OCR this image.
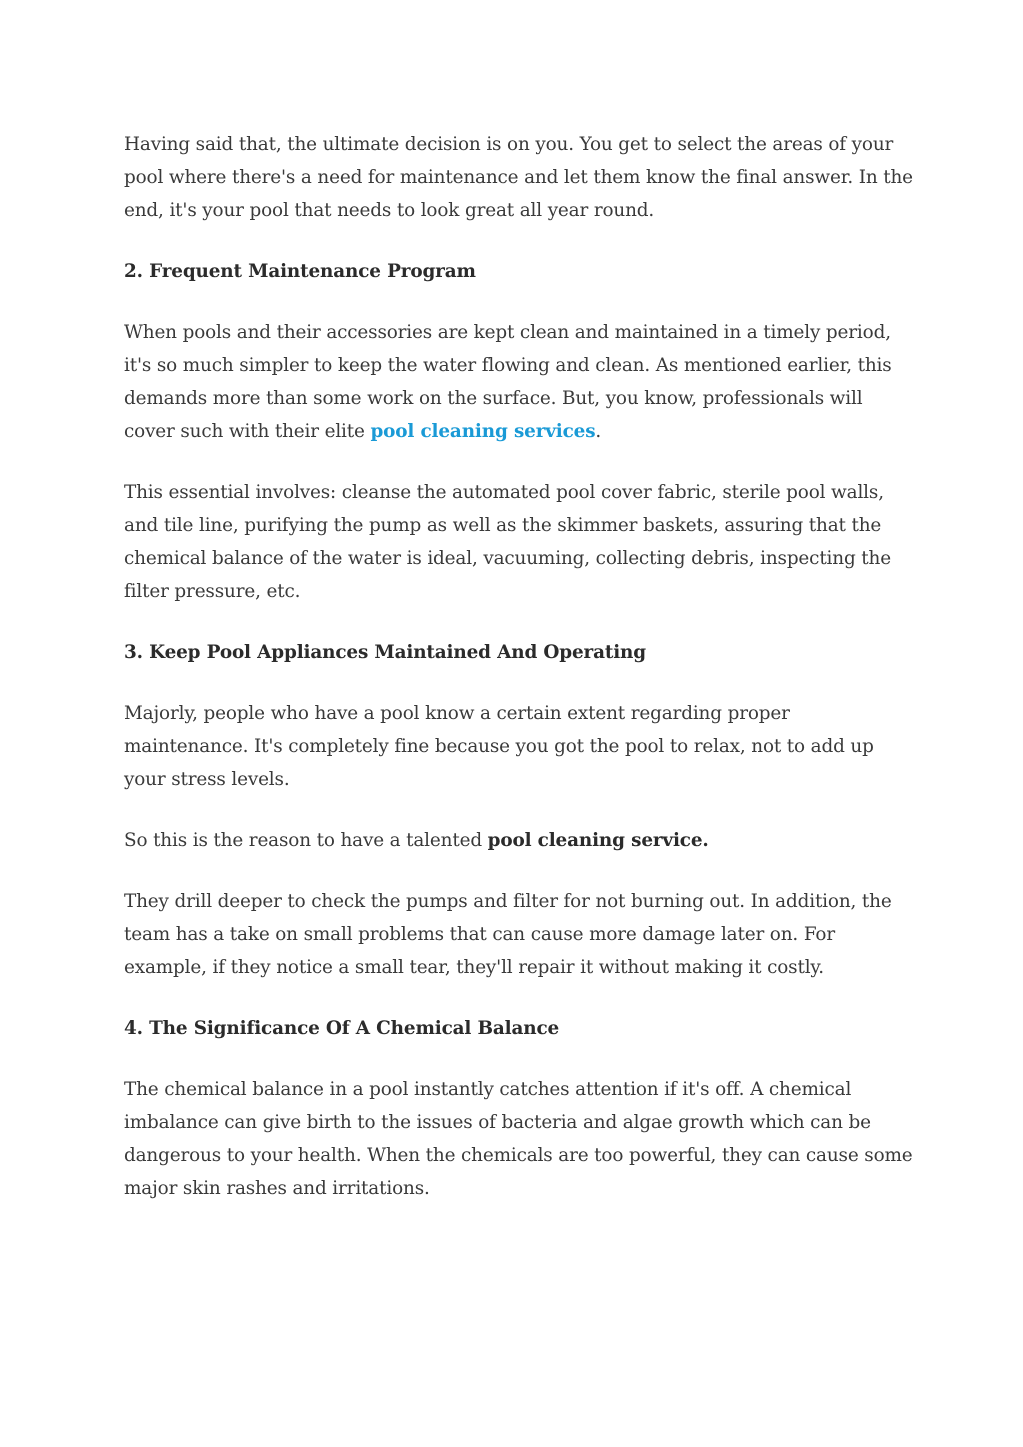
Having said that, the ultimate decision is on you. You get to select the areas of your pool where there's a need for maintenance and let them know the final answer. In the end, it's your pool that needs to look great all year round.

2. Frequent Maintenance Program

When pools and their accessories are kept clean and maintained in a timely period, it's so much simpler to keep the water flowing and clean. As mentioned earlier, this demands more than some work on the surface. But, you know, professionals will cover such with their elite pool cleaning services.

This essential involves: cleanse the automated pool cover fabric, sterile pool walls, and tile line, purifying the pump as well as the skimmer baskets, assuring that the chemical balance of the water is ideal, vacuuming, collecting debris, inspecting the filter pressure, etc.

3. Keep Pool Appliances Maintained And Operating

Majorly, people who have a pool know a certain extent regarding proper maintenance. It's completely fine because you got the pool to relax, not to add up your stress levels.

So this is the reason to have a talented pool cleaning service.

They drill deeper to check the pumps and filter for not burning out. In addition, the team has a take on small problems that can cause more damage later on. For example, if they notice a small tear, they'll repair it without making it costly.

4. The Significance Of A Chemical Balance

The chemical balance in a pool instantly catches attention if it's off. A chemical imbalance can give birth to the issues of bacteria and algae growth which can be dangerous to your health. When the chemicals are too powerful, they can cause some major skin rashes and irritations.
